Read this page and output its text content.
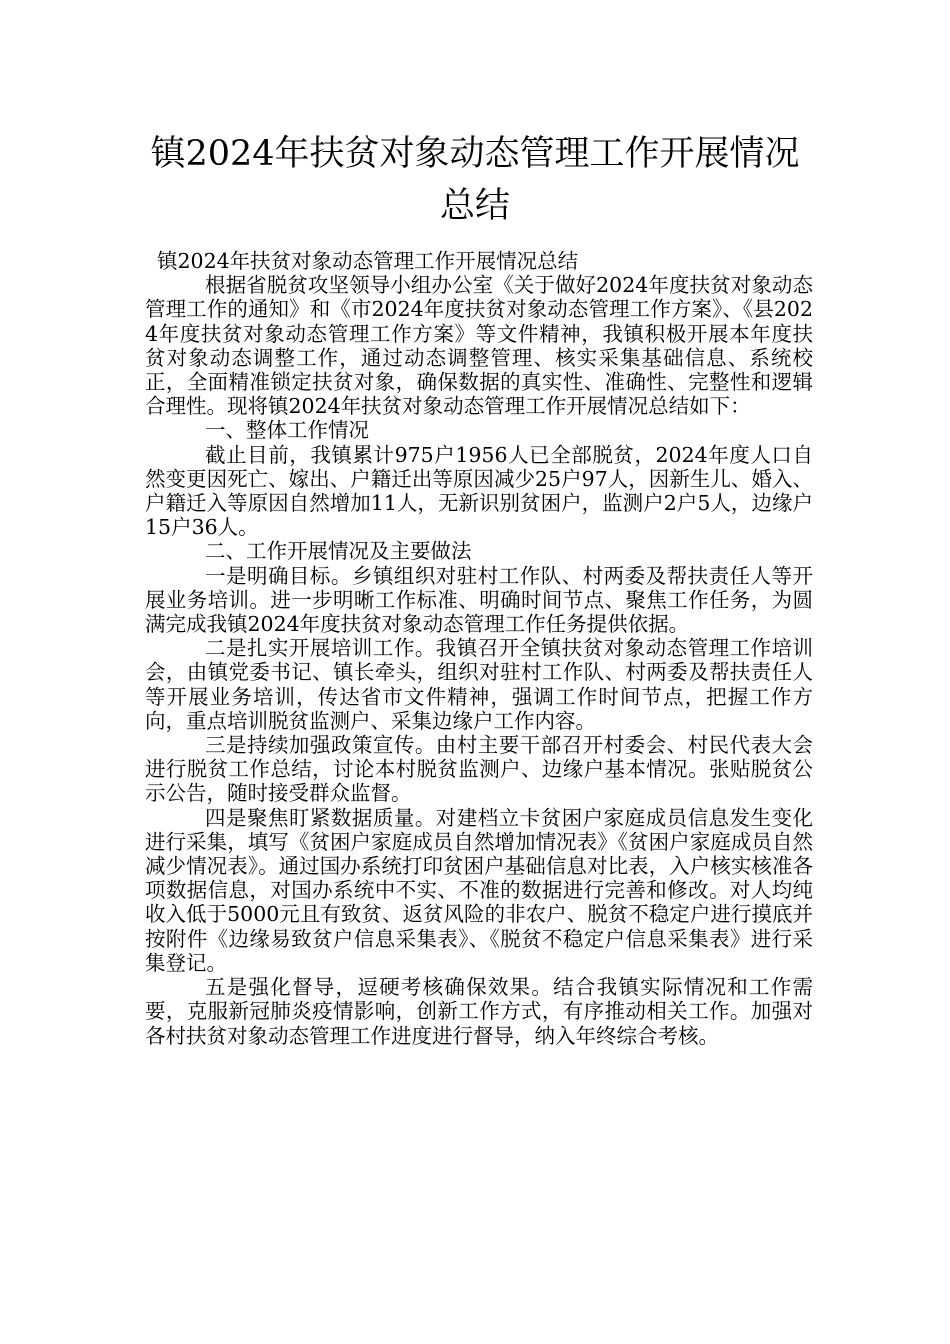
镇2024年扶贫对象动态管理工作开展情况
总结

镇2024年扶贫对象动态管理工作开展情况总结

根据省脱贫攻坚领导小组办公室《关于做好2024年度扶贫对象动态管理工作的通知》和《市2024年度扶贫对象动态管理工作方案》、《县2024年度扶贫对象动态管理工作方案》等文件精神，我镇积极开展本年度扶贫对象动态调整工作，通过动态调整管理、核实采集基础信息、系统校正，全面精准锁定扶贫对象，确保数据的真实性、准确性、完整性和逻辑合理性。现将镇2024年扶贫对象动态管理工作开展情况总结如下：

一、整体工作情况

截止目前，我镇累计975户1956人已全部脱贫，2024年度人口自然变更因死亡、嫁出、户籍迁出等原因减少25户97人，因新生儿、婚入、户籍迁入等原因自然增加11人，无新识别贫困户，监测户2户5人，边缘户15户36人。

二、工作开展情况及主要做法

一是明确目标。乡镇组织对驻村工作队、村两委及帮扶责任人等开展业务培训。进一步明晰工作标准、明确时间节点、聚焦工作任务，为圆满完成我镇2024年度扶贫对象动态管理工作任务提供依据。

二是扎实开展培训工作。我镇召开全镇扶贫对象动态管理工作培训会，由镇党委书记、镇长牵头，组织对驻村工作队、村两委及帮扶责任人等开展业务培训，传达省市文件精神，强调工作时间节点，把握工作方向，重点培训脱贫监测户、采集边缘户工作内容。

三是持续加强政策宣传。由村主要干部召开村委会、村民代表大会进行脱贫工作总结，讨论本村脱贫监测户、边缘户基本情况。张贴脱贫公示公告，随时接受群众监督。

四是聚焦盯紧数据质量。对建档立卡贫困户家庭成员信息发生变化进行采集，填写《贫困户家庭成员自然增加情况表》《贫困户家庭成员自然减少情况表》。通过国办系统打印贫困户基础信息对比表，入户核实核准各项数据信息，对国办系统中不实、不准的数据进行完善和修改。对人均纯收入低于5000元且有致贫、返贫风险的非农户、脱贫不稳定户进行摸底并按附件《边缘易致贫户信息采集表》、《脱贫不稳定户信息采集表》进行采集登记。

五是强化督导，逗硬考核确保效果。结合我镇实际情况和工作需要，克服新冠肺炎疫情影响，创新工作方式，有序推动相关工作。加强对各村扶贫对象动态管理工作进度进行督导，纳入年终综合考核。
